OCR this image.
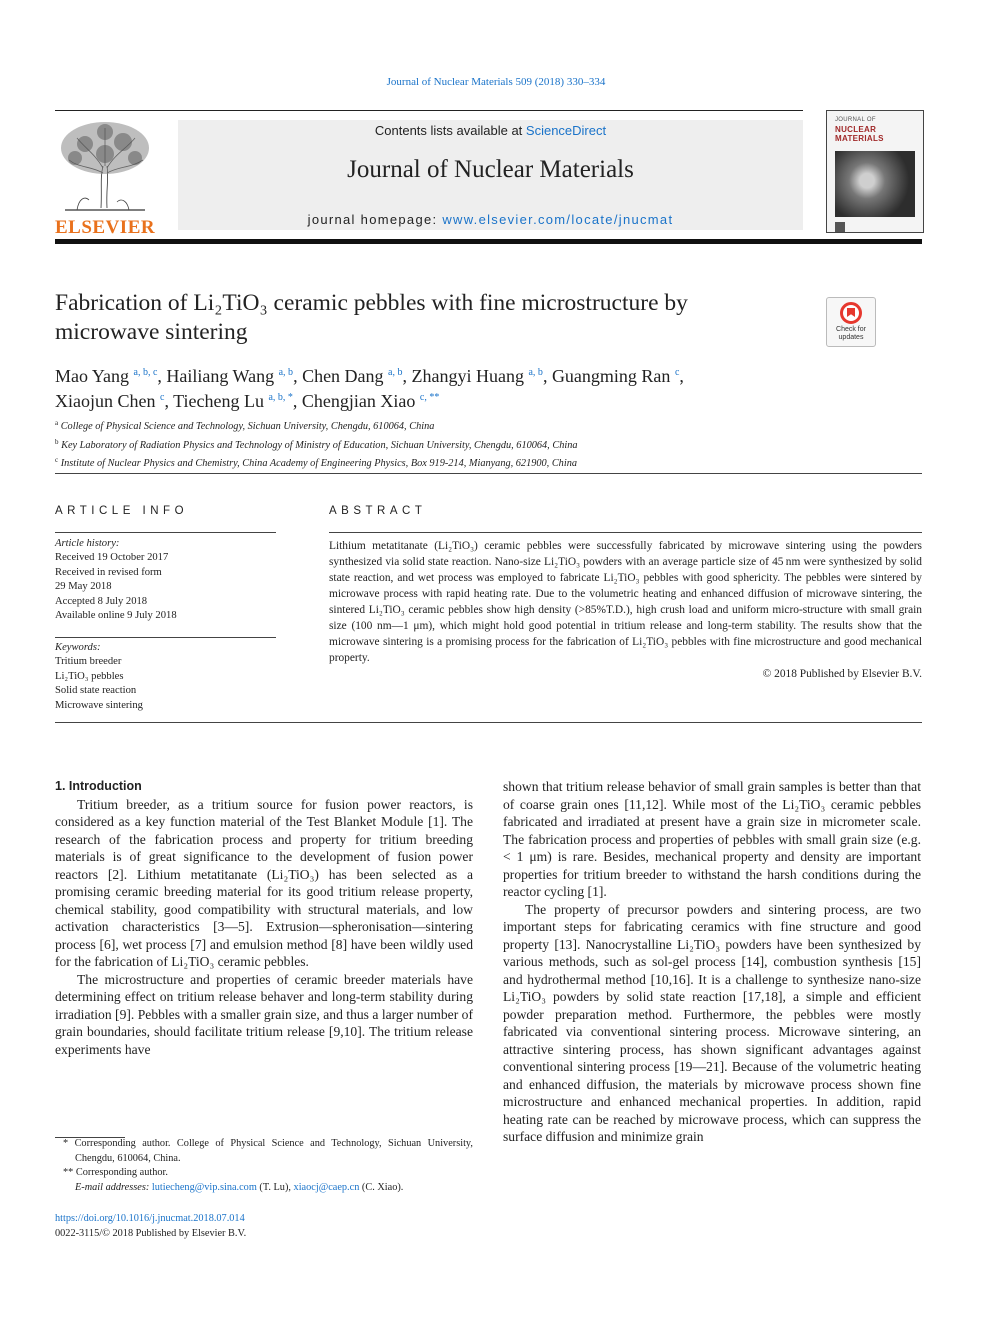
Journal of Nuclear Materials 509 (2018) 330–334
ELSEVIER
Contents lists available at ScienceDirect
Journal of Nuclear Materials
journal homepage: www.elsevier.com/locate/jnucmat
JOURNAL OF
NUCLEAR MATERIALS
Fabrication of Li₂TiO₃ ceramic pebbles with fine microstructure by microwave sintering	Check for
updates
Mao Yang $^{a, b, c}$, Hailiang Wang $^{a, b}$, Chen Dang $^{a, b}$, Zhangyi Huang $^{a, b}$, Guangming Ran $^c$,
Xiaojun Chen $^c$, Tiecheng Lu $^{a, b, *}$, Chengjian Xiao $^{c, **}$
$^a$ College of Physical Science and Technology, Sichuan University, Chengdu, 610064, China
$^b$ Key Laboratory of Radiation Physics and Technology of Ministry of Education, Sichuan University, Chengdu, 610064, China
$^c$ Institute of Nuclear Physics and Chemistry, China Academy of Engineering Physics, Box 919-214, Mianyang, 621900, China
ARTICLE INFO
Article history:
Received 19 October 2017
Received in revised form
29 May 2018
Accepted 8 July 2018
Available online 9 July 2018
Keywords:
Tritium breeder
Li₂TiO₃ pebbles
Solid state reaction
Microwave sintering
ABSTRACT
Lithium metatitanate (Li₂TiO₃) ceramic pebbles were successfully fabricated by microwave sintering using the powders synthesized via solid state reaction. Nano-size Li₂TiO₃ powders with an average particle size of 45 nm were synthesized by solid state reaction, and wet process was employed to fabricate Li₂TiO₃ pebbles with good sphericity. The pebbles were sintered by microwave process with rapid heating rate. Due to the volumetric heating and enhanced diffusion of microwave sintering, the sintered Li₂TiO₃ ceramic pebbles show high density (>85%T.D.), high crush load and uniform micro-structure with small grain size (100 nm—1 μm), which might hold good potential in tritium release and long-term stability. The results show that the microwave sintering is a promising process for the fabrication of Li₂TiO₃ pebbles with fine microstructure and good mechanical property.
© 2018 Published by Elsevier B.V.

1. Introduction

Tritium breeder, as a tritium source for fusion power reactors, is considered as a key function material of the Test Blanket Module [1]. The research of the fabrication process and property for tritium breeding materials is of great significance to the development of fusion power reactors [2]. Lithium metatitanate (Li₂TiO₃) has been selected as a promising ceramic breeding material for its good tritium release property, chemical stability, good compatibility with structural materials, and low activation characteristics [3—5]. Extrusion—spheronisation—sintering process [6], wet process [7] and emulsion method [8] have been wildly used for the fabrication of Li₂TiO₃ ceramic pebbles.

The microstructure and properties of ceramic breeder materials have determining effect on tritium release behaver and long-term stability during irradiation [9]. Pebbles with a smaller grain size, and thus a larger number of grain boundaries, should facilitate tritium release [9,10]. The tritium release experiments have

shown that tritium release behavior of small grain samples is better than that of coarse grain ones [11,12]. While most of the Li₂TiO₃ ceramic pebbles fabricated and irradiated at present have a grain size in micrometer scale. The fabrication process and properties of pebbles with small grain size (e.g. < 1 μm) is rare. Besides, mechanical property and density are important properties for tritium breeder to withstand the harsh conditions during the reactor cycling [1].

The property of precursor powders and sintering process, are two important steps for fabricating ceramics with fine structure and good property [13]. Nanocrystalline Li₂TiO₃ powders have been synthesized by various methods, such as sol-gel process [14], combustion synthesis [15] and hydrothermal method [10,16]. It is a challenge to synthesize nano-size Li₂TiO₃ powders by solid state reaction [17,18], a simple and efficient powder preparation method. Furthermore, the pebbles were mostly fabricated via conventional sintering process. Microwave sintering, an attractive sintering process, has shown significant advantages against conventional sintering process [19—21]. Because of the volumetric heating and enhanced diffusion, the materials by microwave process shown fine microstructure and enhanced mechanical properties. In addition, rapid heating rate can be reached by microwave process, which can suppress the surface diffusion and minimize grain

* Corresponding author. College of Physical Science and Technology, Sichuan University, Chengdu, 610064, China.
** Corresponding author.
E-mail addresses: lutiecheng@vip.sina.com (T. Lu), xiaocj@caep.cn (C. Xiao).
https://doi.org/10.1016/j.jnucmat.2018.07.014
0022-3115/© 2018 Published by Elsevier B.V.
